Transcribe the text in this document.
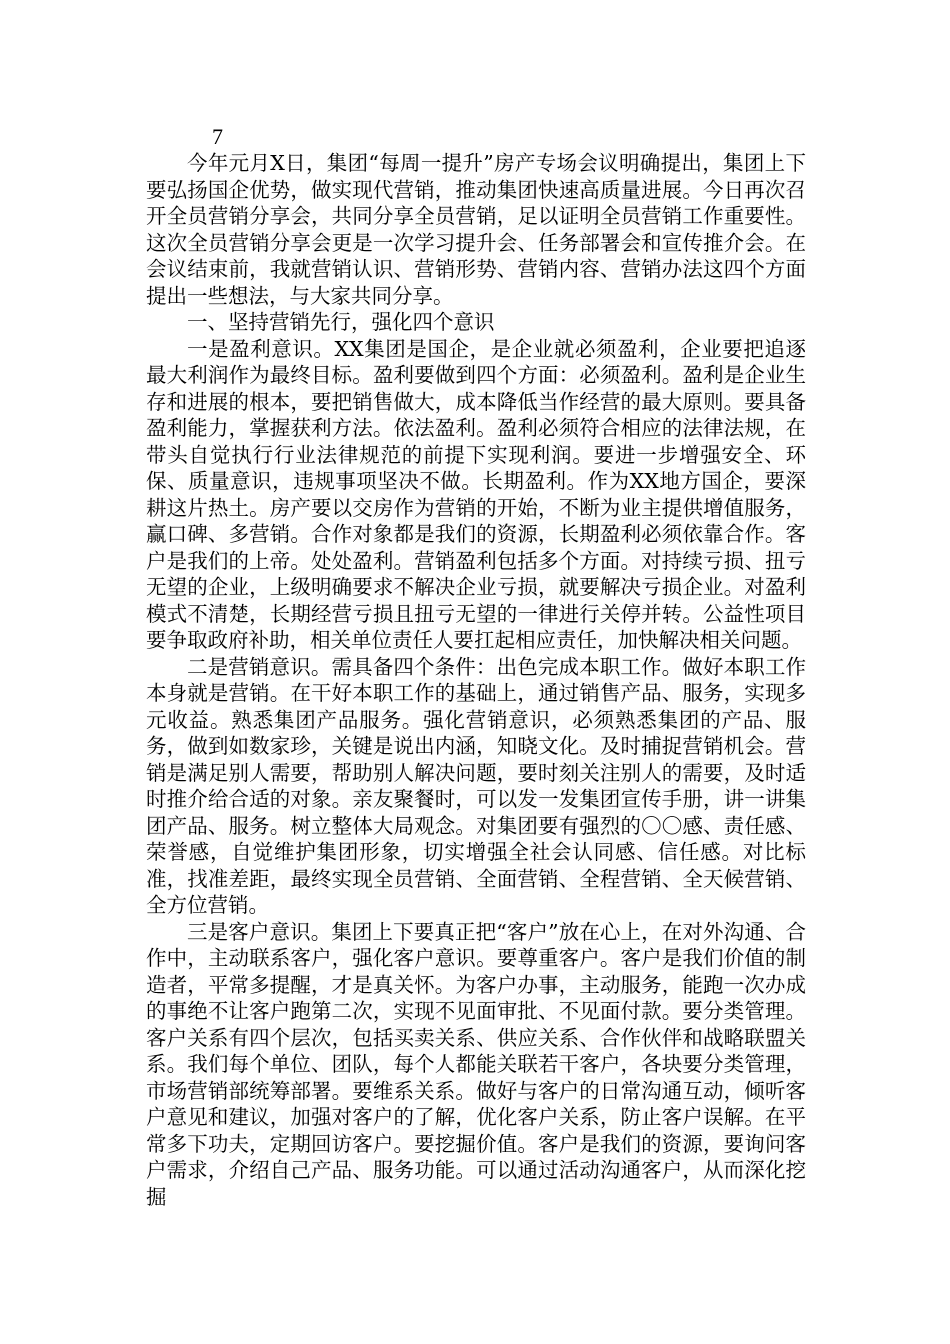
7

今年元月X日，集团“每周一提升”房产专场会议明确提出，集团上下要弘扬国企优势，做实现代营销，推动集团快速高质量进展。今日再次召开全员营销分享会，共同分享全员营销，足以证明全员营销工作重要性。这次全员营销分享会更是一次学习提升会、任务部署会和宣传推介会。在会议结束前，我就营销认识、营销形势、营销内容、营销办法这四个方面提出一些想法，与大家共同分享。

一、坚持营销先行，强化四个意识

一是盈利意识。XX集团是国企，是企业就必须盈利，企业要把追逐最大利润作为最终目标。盈利要做到四个方面：必须盈利。盈利是企业生存和进展的根本，要把销售做大，成本降低当作经营的最大原则。要具备盈利能力，掌握获利方法。依法盈利。盈利必须符合相应的法律法规，在带头自觉执行行业法律规范的前提下实现利润。要进一步增强安全、环保、质量意识，违规事项坚决不做。长期盈利。作为XX地方国企，要深耕这片热土。房产要以交房作为营销的开始，不断为业主提供增值服务，赢口碑、多营销。合作对象都是我们的资源，长期盈利必须依靠合作。客户是我们的上帝。处处盈利。营销盈利包括多个方面。对持续亏损、扭亏无望的企业，上级明确要求不解决企业亏损，就要解决亏损企业。对盈利模式不清楚，长期经营亏损且扭亏无望的一律进行关停并转。公益性项目要争取政府补助，相关单位责任人要扛起相应责任，加快解决相关问题。

二是营销意识。需具备四个条件：出色完成本职工作。做好本职工作本身就是营销。在干好本职工作的基础上，通过销售产品、服务，实现多元收益。熟悉集团产品服务。强化营销意识，必须熟悉集团的产品、服务，做到如数家珍，关键是说出内涵，知晓文化。及时捕捉营销机会。营销是满足别人需要，帮助别人解决问题，要时刻关注别人的需要，及时适时推介给合适的对象。亲友聚餐时，可以发一发集团宣传手册，讲一讲集团产品、服务。树立整体大局观念。对集团要有强烈的〇〇感、责任感、荣誉感，自觉维护集团形象，切实增强全社会认同感、信任感。对比标准，找准差距，最终实现全员营销、全面营销、全程营销、全天候营销、全方位营销。

三是客户意识。集团上下要真正把“客户”放在心上，在对外沟通、合作中，主动联系客户，强化客户意识。要尊重客户。客户是我们价值的制造者，平常多提醒，才是真关怀。为客户办事，主动服务，能跑一次办成的事绝不让客户跑第二次，实现不见面审批、不见面付款。要分类管理。客户关系有四个层次，包括买卖关系、供应关系、合作伙伴和战略联盟关系。我们每个单位、团队，每个人都能关联若干客户，各块要分类管理，市场营销部统筹部署。要维系关系。做好与客户的日常沟通互动，倾听客户意见和建议，加强对客户的了解，优化客户关系，防止客户误解。在平常多下功夫，定期回访客户。要挖掘价值。客户是我们的资源，要询问客户需求，介绍自己产品、服务功能。可以通过活动沟通客户，从而深化挖掘
